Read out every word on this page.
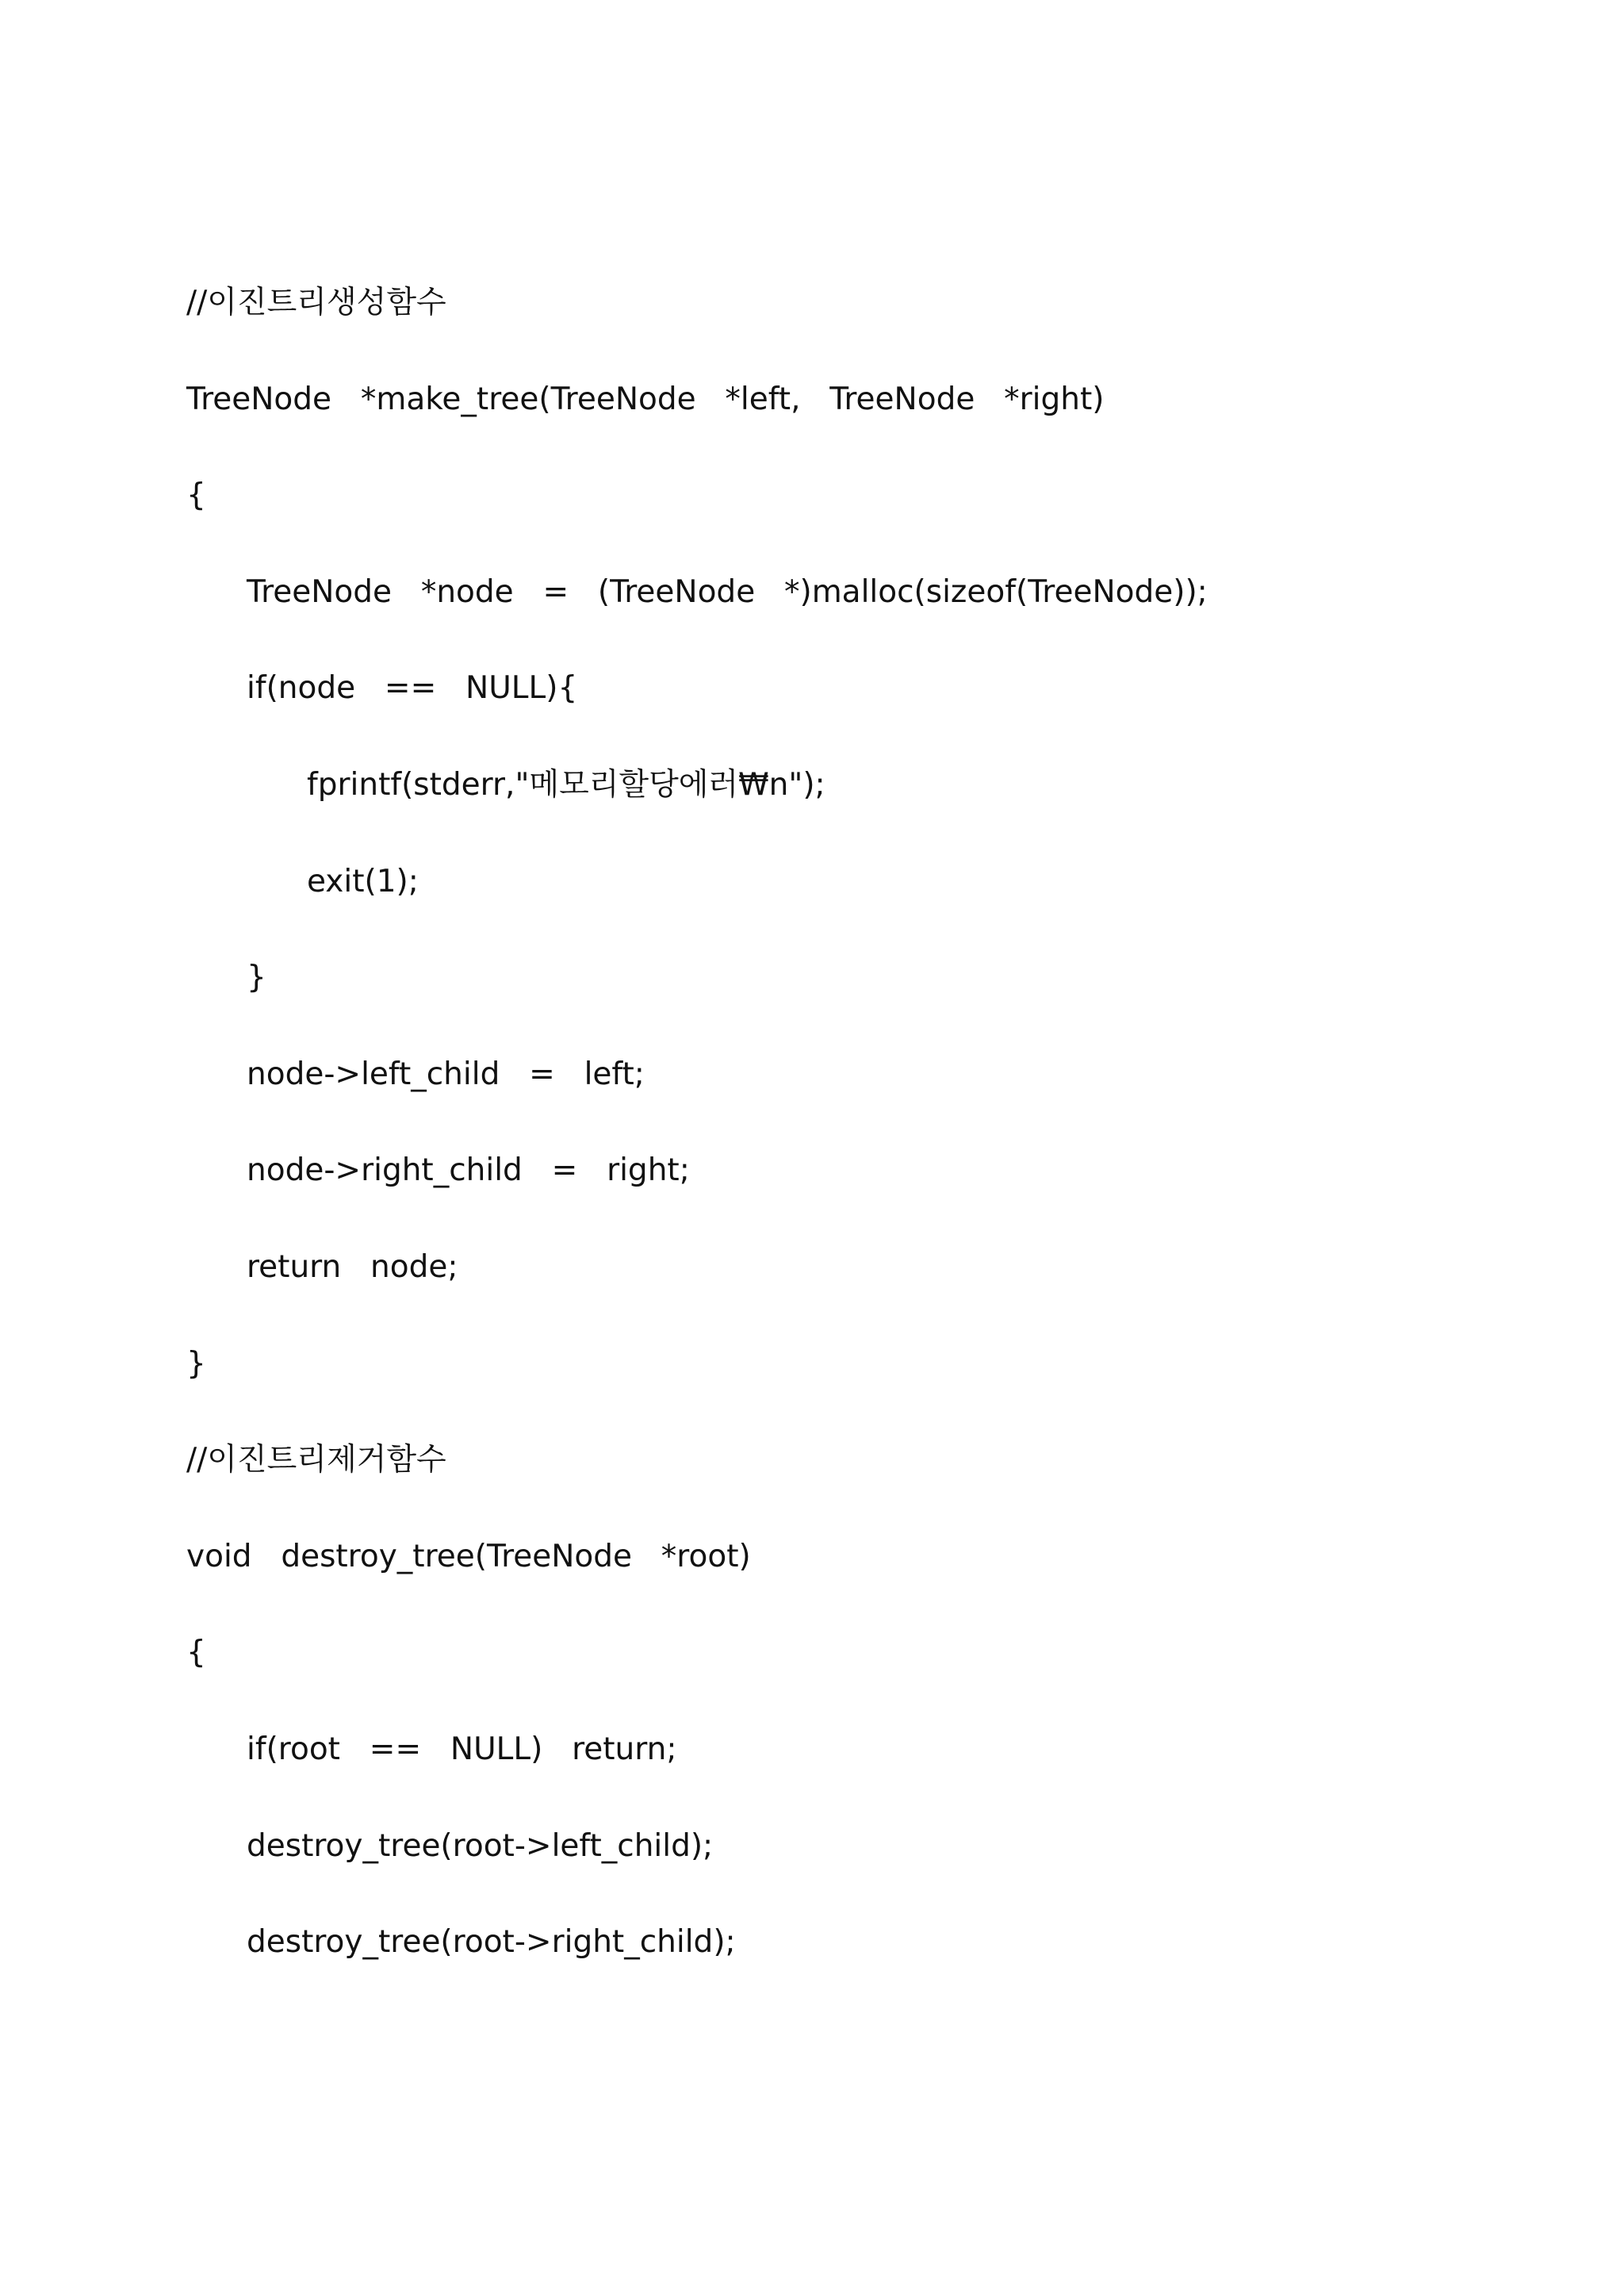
//이진트리생성함수
TreeNode  *make_tree(TreeNode  *left,  TreeNode  *right)
{
TreeNode  *node  =  (TreeNode  *)malloc(sizeof(TreeNode));
if(node  ==  NULL){
fprintf(stderr,"메모리할당에러₩n");
exit(1);
}
node->left_child  =  left;
node->right_child  =  right;
return  node;
}
//이진트리제거함수
void  destroy_tree(TreeNode  *root)
{
if(root  ==  NULL)  return;
destroy_tree(root->left_child);
destroy_tree(root->right_child);
